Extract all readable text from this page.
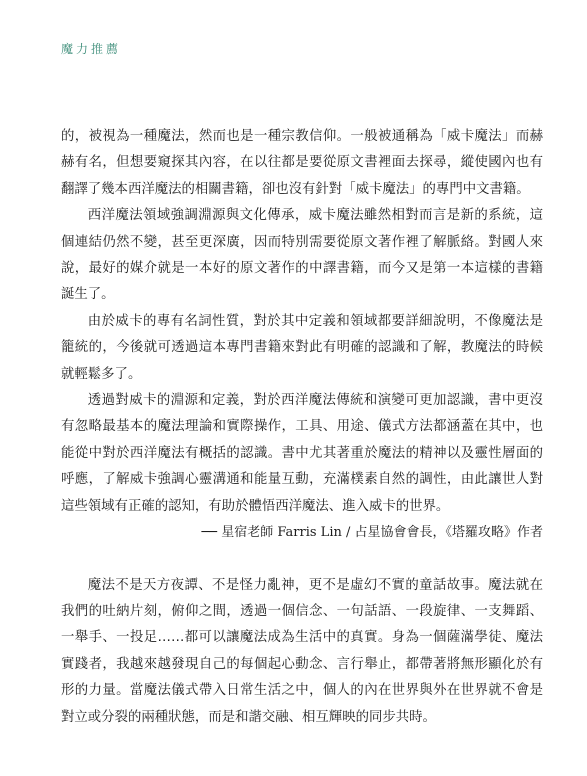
魔力推薦

的，被視為一種魔法，然而也是一種宗教信仰。一般被通稱為「威卡魔法」而赫赫有名，但想要窺探其內容，在以往都是要從原文書裡面去探尋，縱使國內也有翻譯了幾本西洋魔法的相關書籍，卻也沒有針對「威卡魔法」的專門中文書籍。

西洋魔法領域強調淵源與文化傳承，威卡魔法雖然相對而言是新的系統，這個連結仍然不變，甚至更深廣，因而特別需要從原文著作裡了解脈絡。對國人來說，最好的媒介就是一本好的原文著作的中譯書籍，而今又是第一本這樣的書籍誕生了。

由於威卡的專有名詞性質，對於其中定義和領域都要詳細說明，不像魔法是籠統的，今後就可透過這本專門書籍來對此有明確的認識和了解，教魔法的時候就輕鬆多了。

透過對威卡的淵源和定義，對於西洋魔法傳統和演變可更加認識，書中更沒有忽略最基本的魔法理論和實際操作，工具、用途、儀式方法都涵蓋在其中，也能從中對於西洋魔法有概括的認識。書中尤其著重於魔法的精神以及靈性層面的呼應，了解威卡強調心靈溝通和能量互動，充滿樸素自然的調性，由此讓世人對這些領域有正確的認知，有助於體悟西洋魔法、進入威卡的世界。

── 星宿老師 Farris Lin / 占星協會會長，《塔羅攻略》作者

魔法不是天方夜譚、不是怪力亂神，更不是虛幻不實的童話故事。魔法就在我們的吐納片刻，俯仰之間，透過一個信念、一句話語、一段旋律、一支舞蹈、一舉手、一投足……都可以讓魔法成為生活中的真實。身為一個薩滿學徒、魔法實踐者，我越來越發現自己的每個起心動念、言行舉止，都帶著將無形顯化於有形的力量。當魔法儀式帶入日常生活之中，個人的內在世界與外在世界就不會是對立或分裂的兩種狀態，而是和諧交融、相互輝映的同步共時。
